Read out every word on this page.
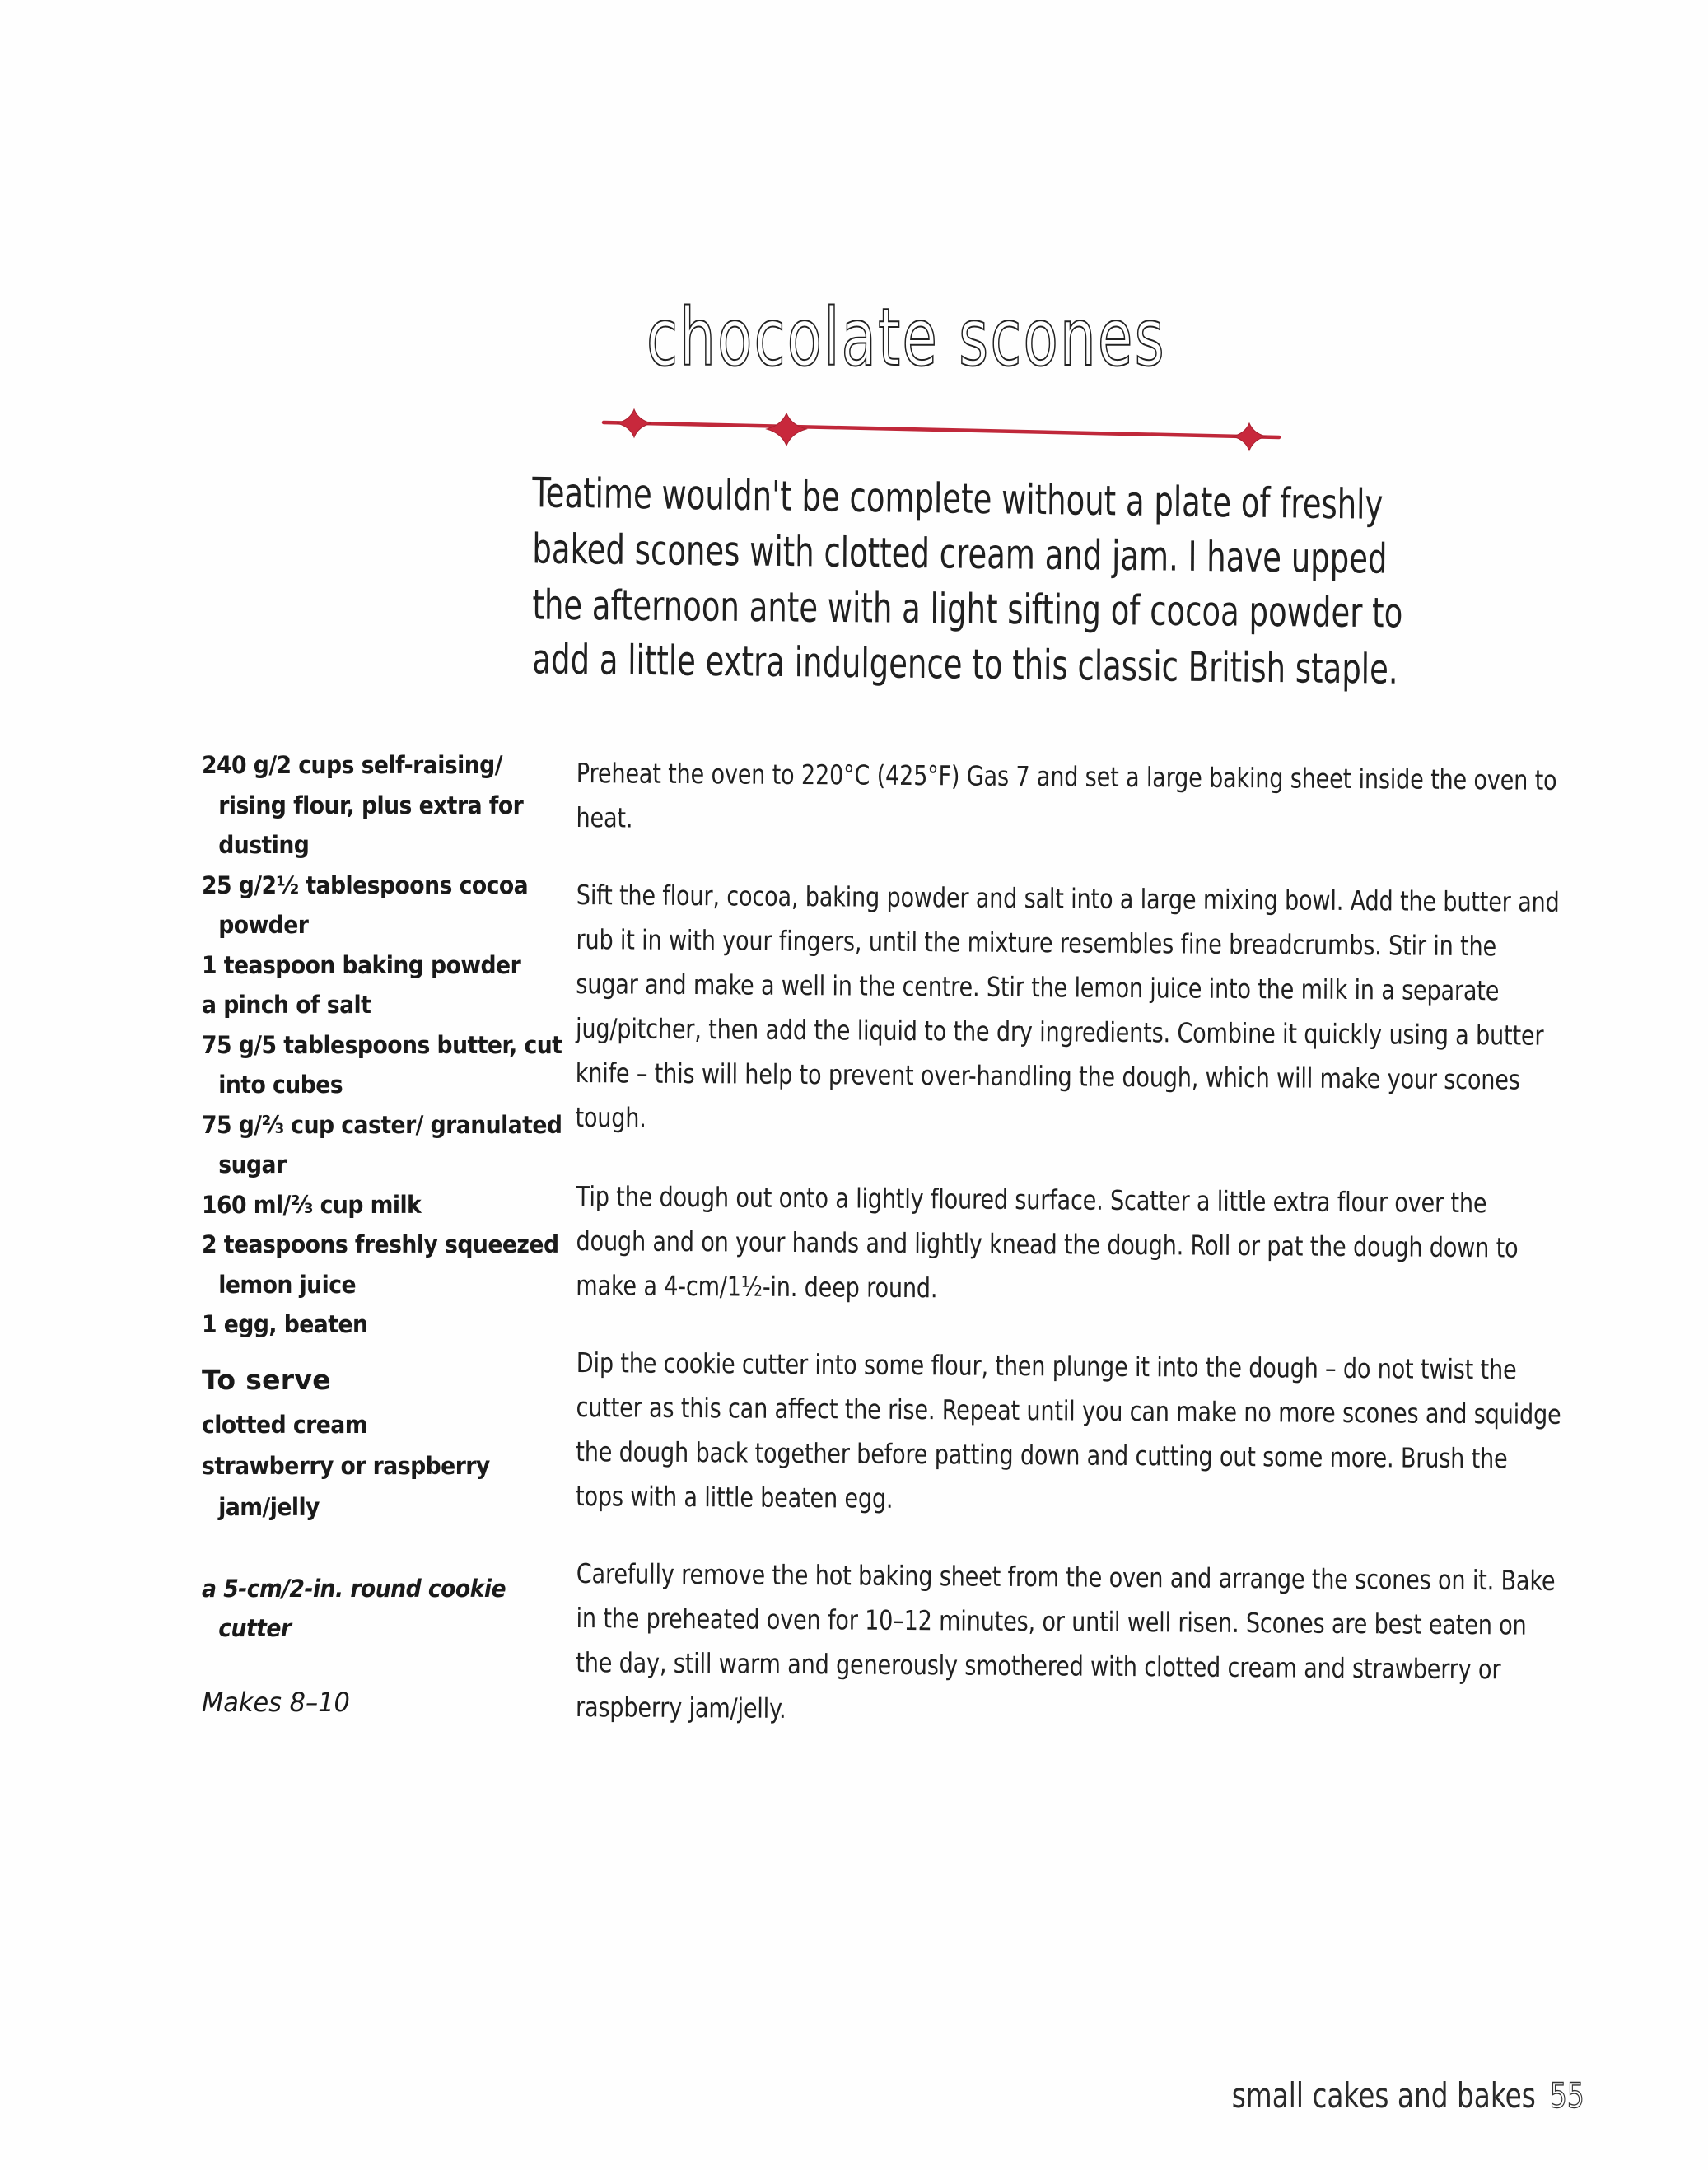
chocolate scones
Teatime wouldn't be complete without a plate of freshly
baked scones with clotted cream and jam. I have upped
the afternoon ante with a light sifting of cocoa powder to
add a little extra indulgence to this classic British staple.
240 g/2 cups self-raising/ rising flour, plus extra for dusting
25 g/2½ tablespoons cocoa powder
1 teaspoon baking powder
a pinch of salt
75 g/5 tablespoons butter, cut into cubes
75 g/⅔ cup caster/ granulated sugar
160 ml/⅔ cup milk
2 teaspoons freshly squeezed lemon juice
1 egg, beaten
To serve
clotted cream
strawberry or raspberry jam/jelly
a 5-cm/2-in. round cookie cutter
Makes 8–10

Preheat the oven to 220°C (425°F) Gas 7 and set a large baking sheet inside the oven to heat.

Sift the flour, cocoa, baking powder and salt into a large mixing bowl. Add the butter and rub it in with your fingers, until the mixture resembles fine breadcrumbs. Stir in the sugar and make a well in the centre. Stir the lemon juice into the milk in a separate jug/pitcher, then add the liquid to the dry ingredients. Combine it quickly using a butter knife – this will help to prevent over-handling the dough, which will make your scones tough.

Tip the dough out onto a lightly floured surface. Scatter a little extra flour over the dough and on your hands and lightly knead the dough. Roll or pat the dough down to make a 4-cm/1½-in. deep round.

Dip the cookie cutter into some flour, then plunge it into the dough – do not twist the cutter as this can affect the rise. Repeat until you can make no more scones and squidge the dough back together before patting down and cutting out some more. Brush the tops with a little beaten egg.

Carefully remove the hot baking sheet from the oven and arrange the scones on it. Bake in the preheated oven for 10–12 minutes, or until well risen. Scones are best eaten on the day, still warm and generously smothered with clotted cream and strawberry or raspberry jam/jelly.

small cakes and bakes 55
